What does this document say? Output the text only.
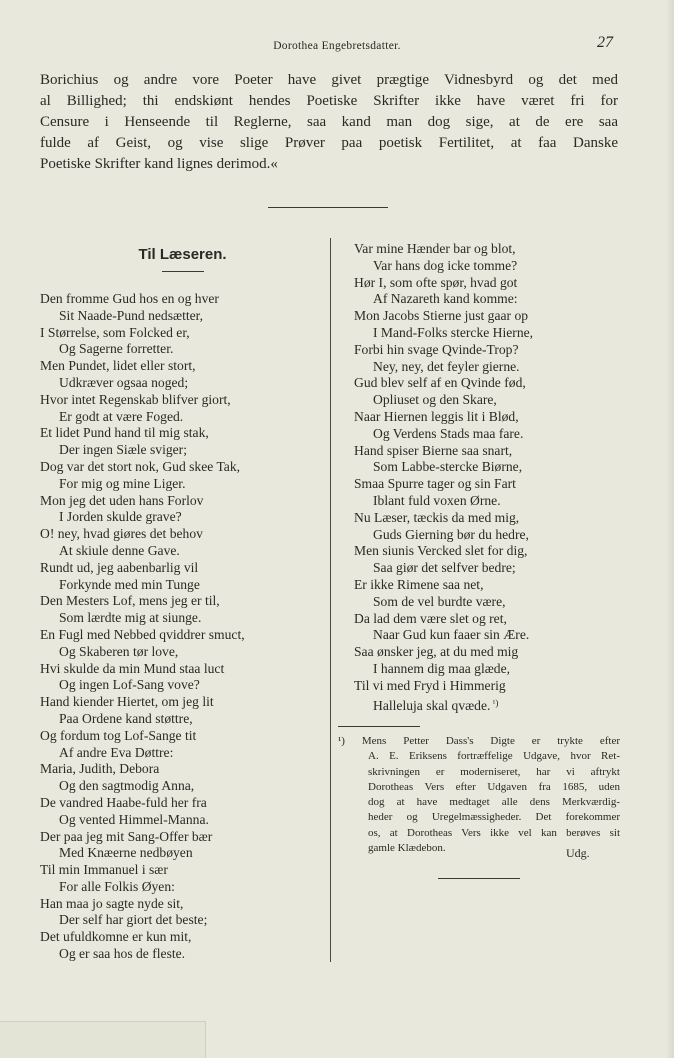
Dorothea Engebretsdatter.	27
Borichius og andre vore Poeter have givet prægtige Vidnesbyrd og det med
al Billighed; thi endskiønt hendes Poetiske Skrifter ikke have været fri for
Censure i Henseende til Reglerne, saa kand man dog sige, at de ere saa
fulde af Geist, og vise slige Prøver paa poetisk Fertilitet, at faa Danske
Poetiske Skrifter kand lignes derimod.«
Til Læseren.
Den fromme Gud hos en og hver
Sit Naade-Pund nedsætter,
I Størrelse, som Folcked er,
Og Sagerne forretter.
Men Pundet, lidet eller stort,
Udkræver ogsaa noged;
Hvor intet Regenskab blifver giort,
Er godt at være Foged.
Et lidet Pund hand til mig stak,
Der ingen Siæle sviger;
Dog var det stort nok, Gud skee Tak,
For mig og mine Liger.
Mon jeg det uden hans Forlov
I Jorden skulde grave?
O! ney, hvad giøres det behov
At skiule denne Gave.
Rundt ud, jeg aabenbarlig vil
Forkynde med min Tunge
Den Mesters Lof, mens jeg er til,
Som lærdte mig at siunge.
En Fugl med Nebbed qviddrer smuct,
Og Skaberen tør love,
Hvi skulde da min Mund staa luct
Og ingen Lof-Sang vove?
Hand kiender Hiertet, om jeg lit
Paa Ordene kand støttre,
Og fordum tog Lof-Sange tit
Af andre Eva Døttre:
Maria, Judith, Debora
Og den sagtmodig Anna,
De vandred Haabe-fuld her fra
Og vented Himmel-Manna.
Der paa jeg mit Sang-Offer bær
Med Knæerne nedbøyen
Til min Immanuel i sær
For alle Folkis Øyen:
Han maa jo sagte nyde sit,
Der self har giort det beste;
Det ufuldkomne er kun mit,
Og er saa hos de fleste.
Var mine Hænder bar og blot,
Var hans dog icke tomme?
Hør I, som ofte spør, hvad got
Af Nazareth kand komme:
Mon Jacobs Stierne just gaar op
I Mand-Folks stercke Hierne,
Forbi hin svage Qvinde-Trop?
Ney, ney, det feyler gierne.
Gud blev self af en Qvinde fød,
Opliuset og den Skare,
Naar Hiernen leggis lit i Blød,
Og Verdens Stads maa fare.
Hand spiser Bierne saa snart,
Som Labbe-stercke Biørne,
Smaa Spurre tager og sin Fart
Iblant fuld voxen Ørne.
Nu Læser, tæckis da med mig,
Guds Gierning bør du hedre,
Men siunis Vercked slet for dig,
Saa giør det selfver bedre;
Er ikke Rimene saa net,
Som de vel burdte være,
Da lad dem være slet og ret,
Naar Gud kun faaer sin Ære.
Saa ønsker jeg, at du med mig
I hannem dig maa glæde,
Til vi med Fryd i Himmerig
Halleluja skal qvæde. $^{^1)}$
¹) Mens Petter Dass's Digte er trykte efter
A. E. Eriksens fortræffelige Udgave, hvor Ret-
skrivningen er moderniseret, har vi aftrykt
Dorotheas Vers efter Udgaven fra 1685, uden
dog at have medtaget alle dens Merkværdig-
heder og Uregelmæssigheder. Det forekommer
os, at Dorotheas Vers ikke vel kan berøves sit
gamle Klædebon.	Udg.
